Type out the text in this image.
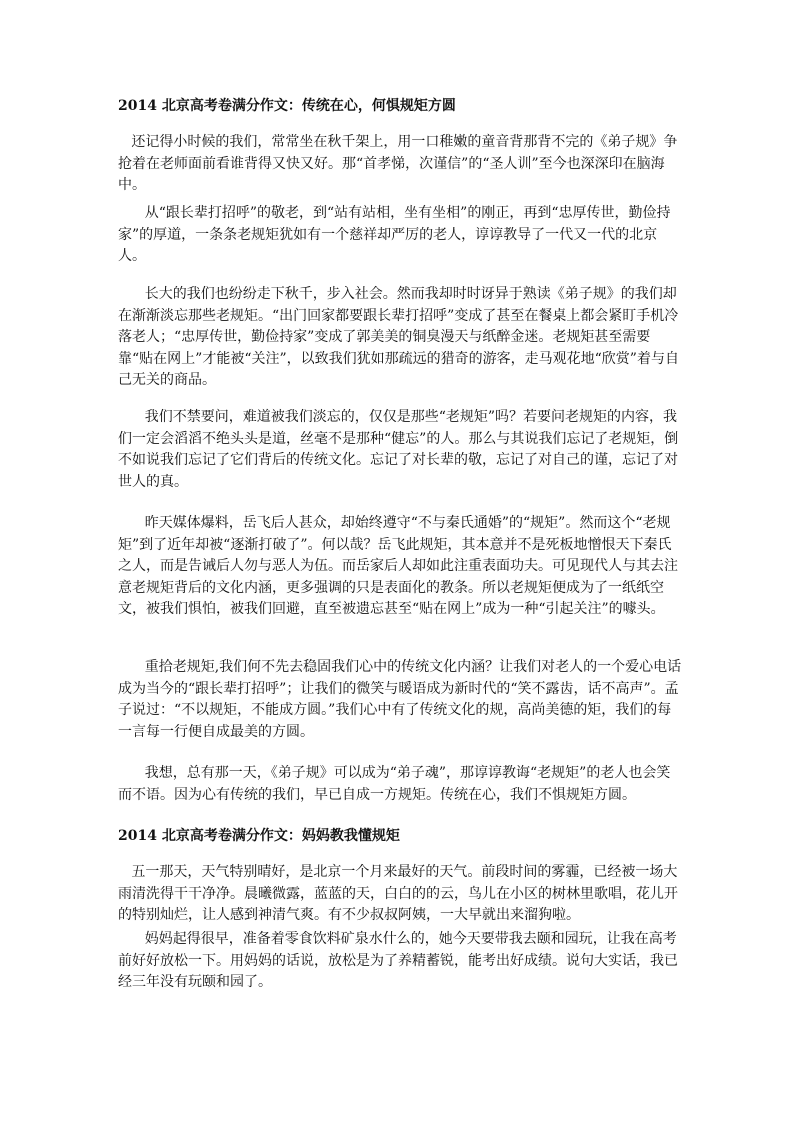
2014 北京高考卷满分作文：传统在心，何惧规矩方圆
还记得小时候的我们，常常坐在秋千架上，用一口稚嫩的童音背那背不完的《弟子规》争抢着在老师面前看谁背得又快又好。那“首孝悌，次谨信”的“圣人训”至今也深深印在脑海中。
从“跟长辈打招呼”的敬老，到“站有站相，坐有坐相”的刚正，再到“忠厚传世，勤俭持家”的厚道，一条条老规矩犹如有一个慈祥却严厉的老人，谆谆教导了一代又一代的北京人。
长大的我们也纷纷走下秋千，步入社会。然而我却时时讶异于熟读《弟子规》的我们却在渐渐淡忘那些老规矩。“出门回家都要跟长辈打招呼”变成了甚至在餐桌上都会紧盯手机冷落老人；“忠厚传世，勤俭持家”变成了郭美美的铜臭漫天与纸醉金迷。老规矩甚至需要靠“贴在网上”才能被“关注”，以致我们犹如那疏远的猎奇的游客，走马观花地“欣赏”着与自己无关的商品。
我们不禁要问，难道被我们淡忘的，仅仅是那些“老规矩”吗？若要问老规矩的内容，我们一定会滔滔不绝头头是道，丝毫不是那种“健忘”的人。那么与其说我们忘记了老规矩，倒不如说我们忘记了它们背后的传统文化。忘记了对长辈的敬，忘记了对自己的谨，忘记了对世人的真。
昨天媒体爆料，岳飞后人甚众，却始终遵守“不与秦氏通婚”的“规矩”。然而这个“老规矩”到了近年却被“逐渐打破了”。何以哉？岳飞此规矩，其本意并不是死板地憎恨天下秦氏之人，而是告诫后人勿与恶人为伍。而岳家后人却如此注重表面功夫。可见现代人与其去注意老规矩背后的文化内涵，更多强调的只是表面化的教条。所以老规矩便成为了一纸纸空文，被我们惧怕，被我们回避，直至被遗忘甚至“贴在网上”成为一种“引起关注”的噱头。
重拾老规矩,我们何不先去稳固我们心中的传统文化内涵？让我们对老人的一个爱心电话成为当今的“跟长辈打招呼”；让我们的微笑与暖语成为新时代的“笑不露齿，话不高声”。孟子说过：“不以规矩，不能成方圆。”我们心中有了传统文化的规，高尚美德的矩，我们的每一言每一行便自成最美的方圆。
我想，总有那一天，《弟子规》可以成为“弟子魂”，那谆谆教诲“老规矩”的老人也会笑而不语。因为心有传统的我们，早已自成一方规矩。传统在心，我们不惧规矩方圆。
2014 北京高考卷满分作文：妈妈教我懂规矩
五一那天，天气特别晴好，是北京一个月来最好的天气。前段时间的雾霾，已经被一场大雨清洗得干干净净。晨曦微露，蓝蓝的天，白白的的云，鸟儿在小区的树林里歌唱，花儿开的特别灿烂，让人感到神清气爽。有不少叔叔阿姨，一大早就出来溜狗啦。
妈妈起得很早，准备着零食饮料矿泉水什么的，她今天要带我去颐和园玩，让我在高考前好好放松一下。用妈妈的话说，放松是为了养精蓄锐，能考出好成绩。说句大实话，我已经三年没有玩颐和园了。
